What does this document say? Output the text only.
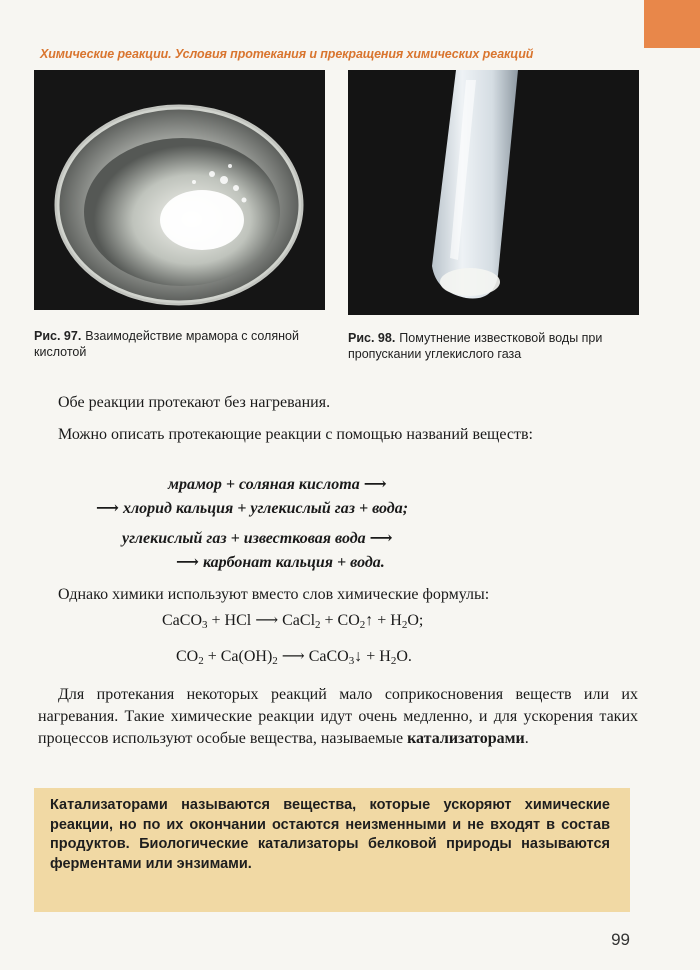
Химические реакции. Условия протекания и прекращения химических реакций
Рис. 97. Взаимодействие мрамора с соляной кислотой
Рис. 98. Помутнение известковой воды при пропускании углекислого газа
Обе реакции протекают без нагревания.
Можно описать протекающие реакции с помощью названий веществ:
мрамор + соляная кислота ⟶
⟶ хлорид кальция + углекислый газ + вода;
углекислый газ + известковая вода ⟶
⟶ карбонат кальция + вода.
Однако химики используют вместо слов химические формулы:
CaCO$_3$ + HCl ⟶ CaCl$_2$ + $CO_2↑ + H_2O$;
$CO_2 + Ca(OH)_2$ ⟶ CaCO$_3$↓ + $H_2O$.
Для протекания некоторых реакций мало соприкосновения веществ или их нагревания. Такие химические реакции идут очень медленно, и для ускорения таких процессов используют особые вещества, называемые катализаторами.
Катализаторами называются вещества, которые ускоряют химические реакции, но по их окончании остаются неизменными и не входят в состав продуктов. Биологические катализаторы белковой природы называются ферментами или энзимами.
99
